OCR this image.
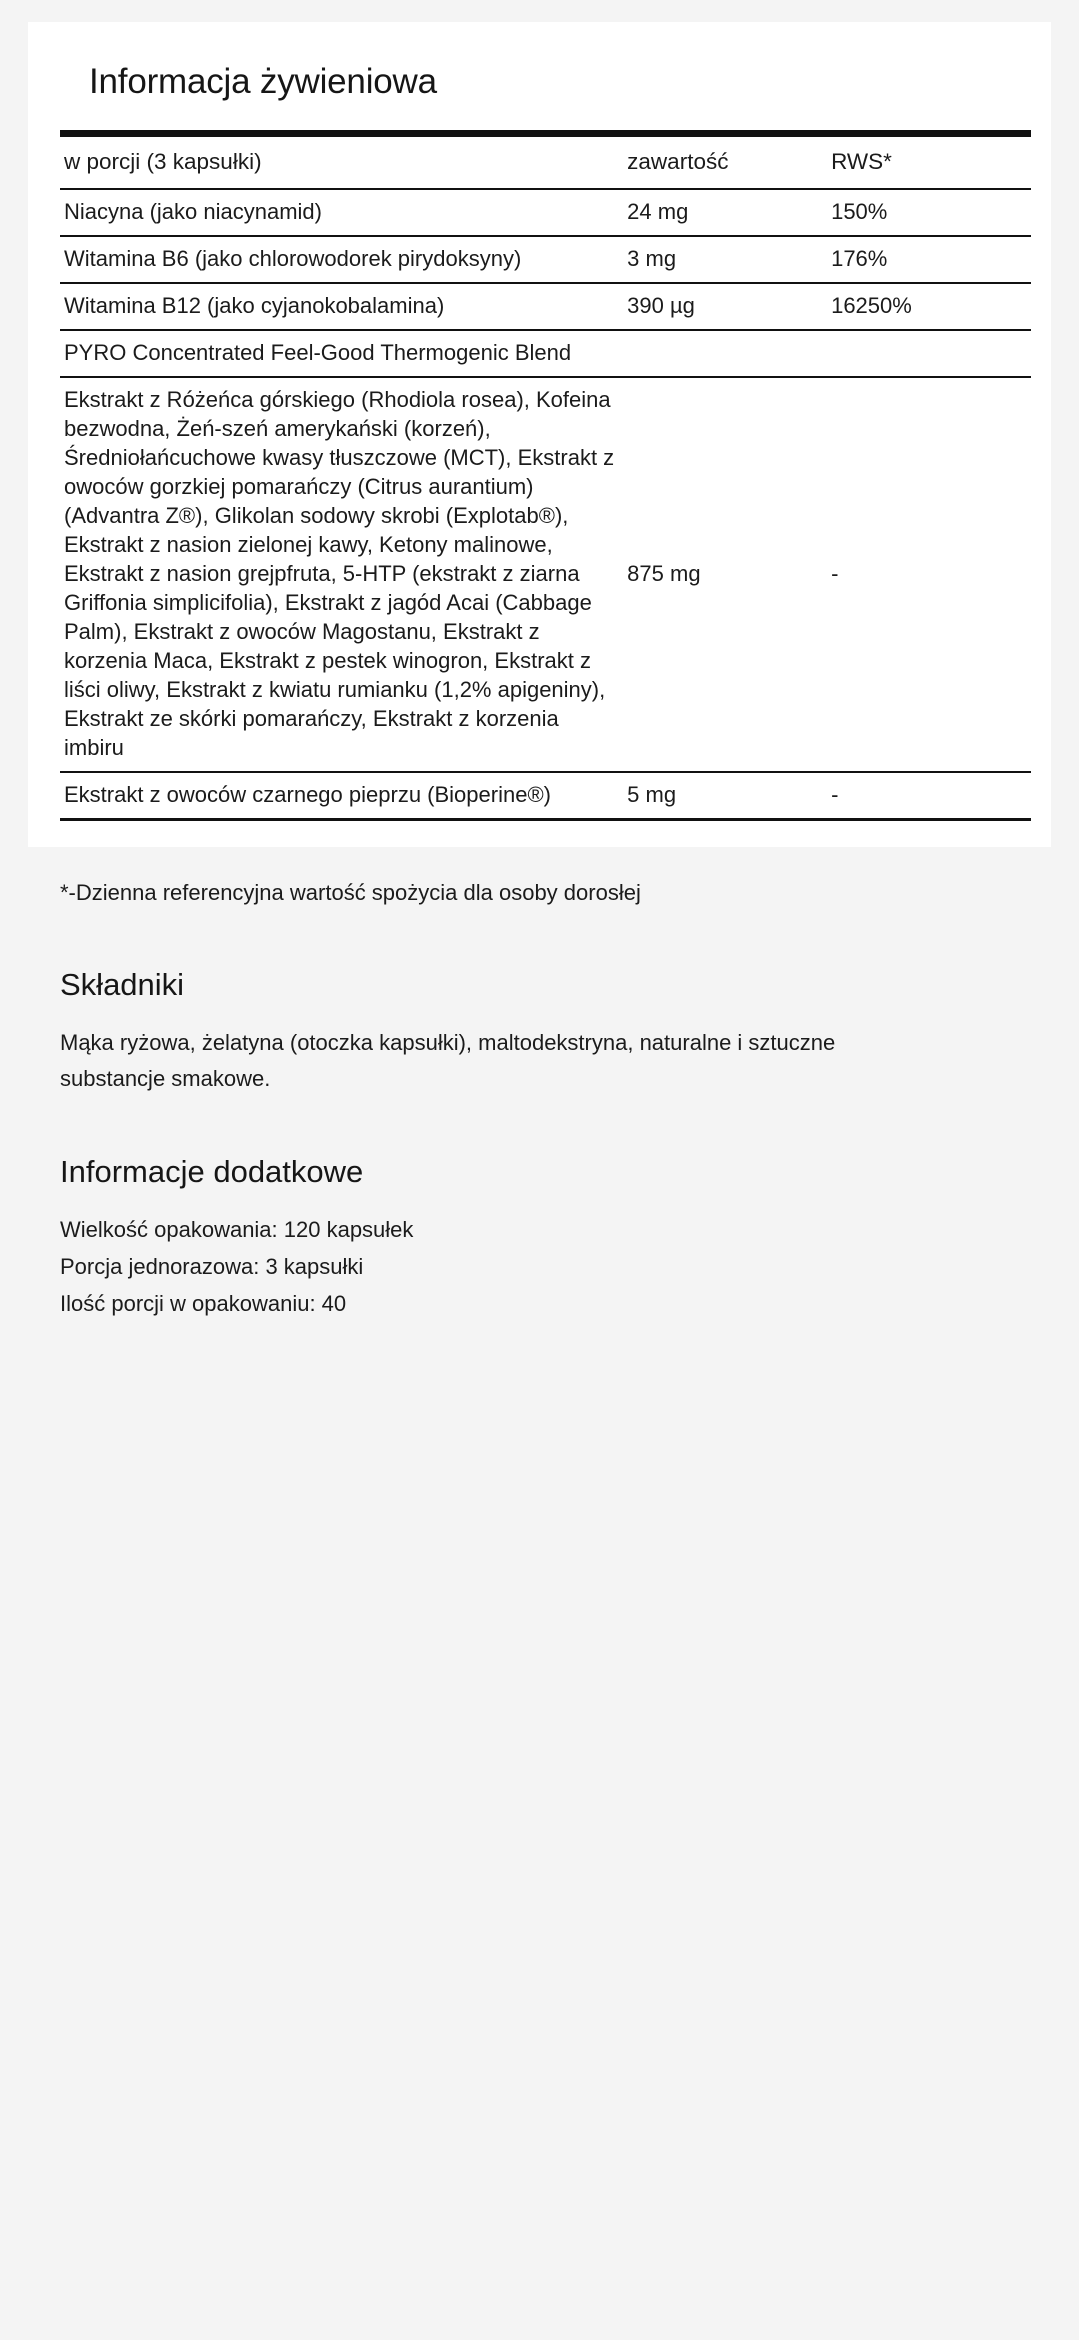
Informacja żywieniowa
w porcji (3 kapsułki)	zawartość	RWS*
Niacyna (jako niacynamid)	24 mg	150%
Witamina B6 (jako chlorowodorek pirydoksyny)	3 mg	176%
Witamina B12 (jako cyjanokobalamina)	390 µg	16250%
PYRO Concentrated Feel-Good Thermogenic Blend		
Ekstrakt z Różeńca górskiego (Rhodiola rosea), Kofeina bezwodna, Żeń-szeń amerykański (korzeń), Średniołańcuchowe kwasy tłuszczowe (MCT), Ekstrakt z owoców gorzkiej pomarańczy (Citrus aurantium) (Advantra Z®), Glikolan sodowy skrobi (Explotab®), Ekstrakt z nasion zielonej kawy, Ketony malinowe, Ekstrakt z nasion grejpfruta, 5-HTP (ekstrakt z ziarna Griffonia simplicifolia), Ekstrakt z jagód Acai (Cabbage Palm), Ekstrakt z owoców Magostanu, Ekstrakt z korzenia Maca, Ekstrakt z pestek winogron, Ekstrakt z liści oliwy, Ekstrakt z kwiatu rumianku (1,2% apigeniny), Ekstrakt ze skórki pomarańczy, Ekstrakt z korzenia imbiru	875 mg	-
Ekstrakt z owoców czarnego pieprzu (Bioperine®)	5 mg	-

*-Dzienna referencyjna wartość spożycia dla osoby dorosłej

Składniki

Mąka ryżowa, żelatyna (otoczka kapsułki), maltodekstryna, naturalne i sztuczne substancje smakowe.

Informacje dodatkowe

Wielkość opakowania: 120 kapsułek

Porcja jednorazowa: 3 kapsułki

Ilość porcji w opakowaniu: 40
